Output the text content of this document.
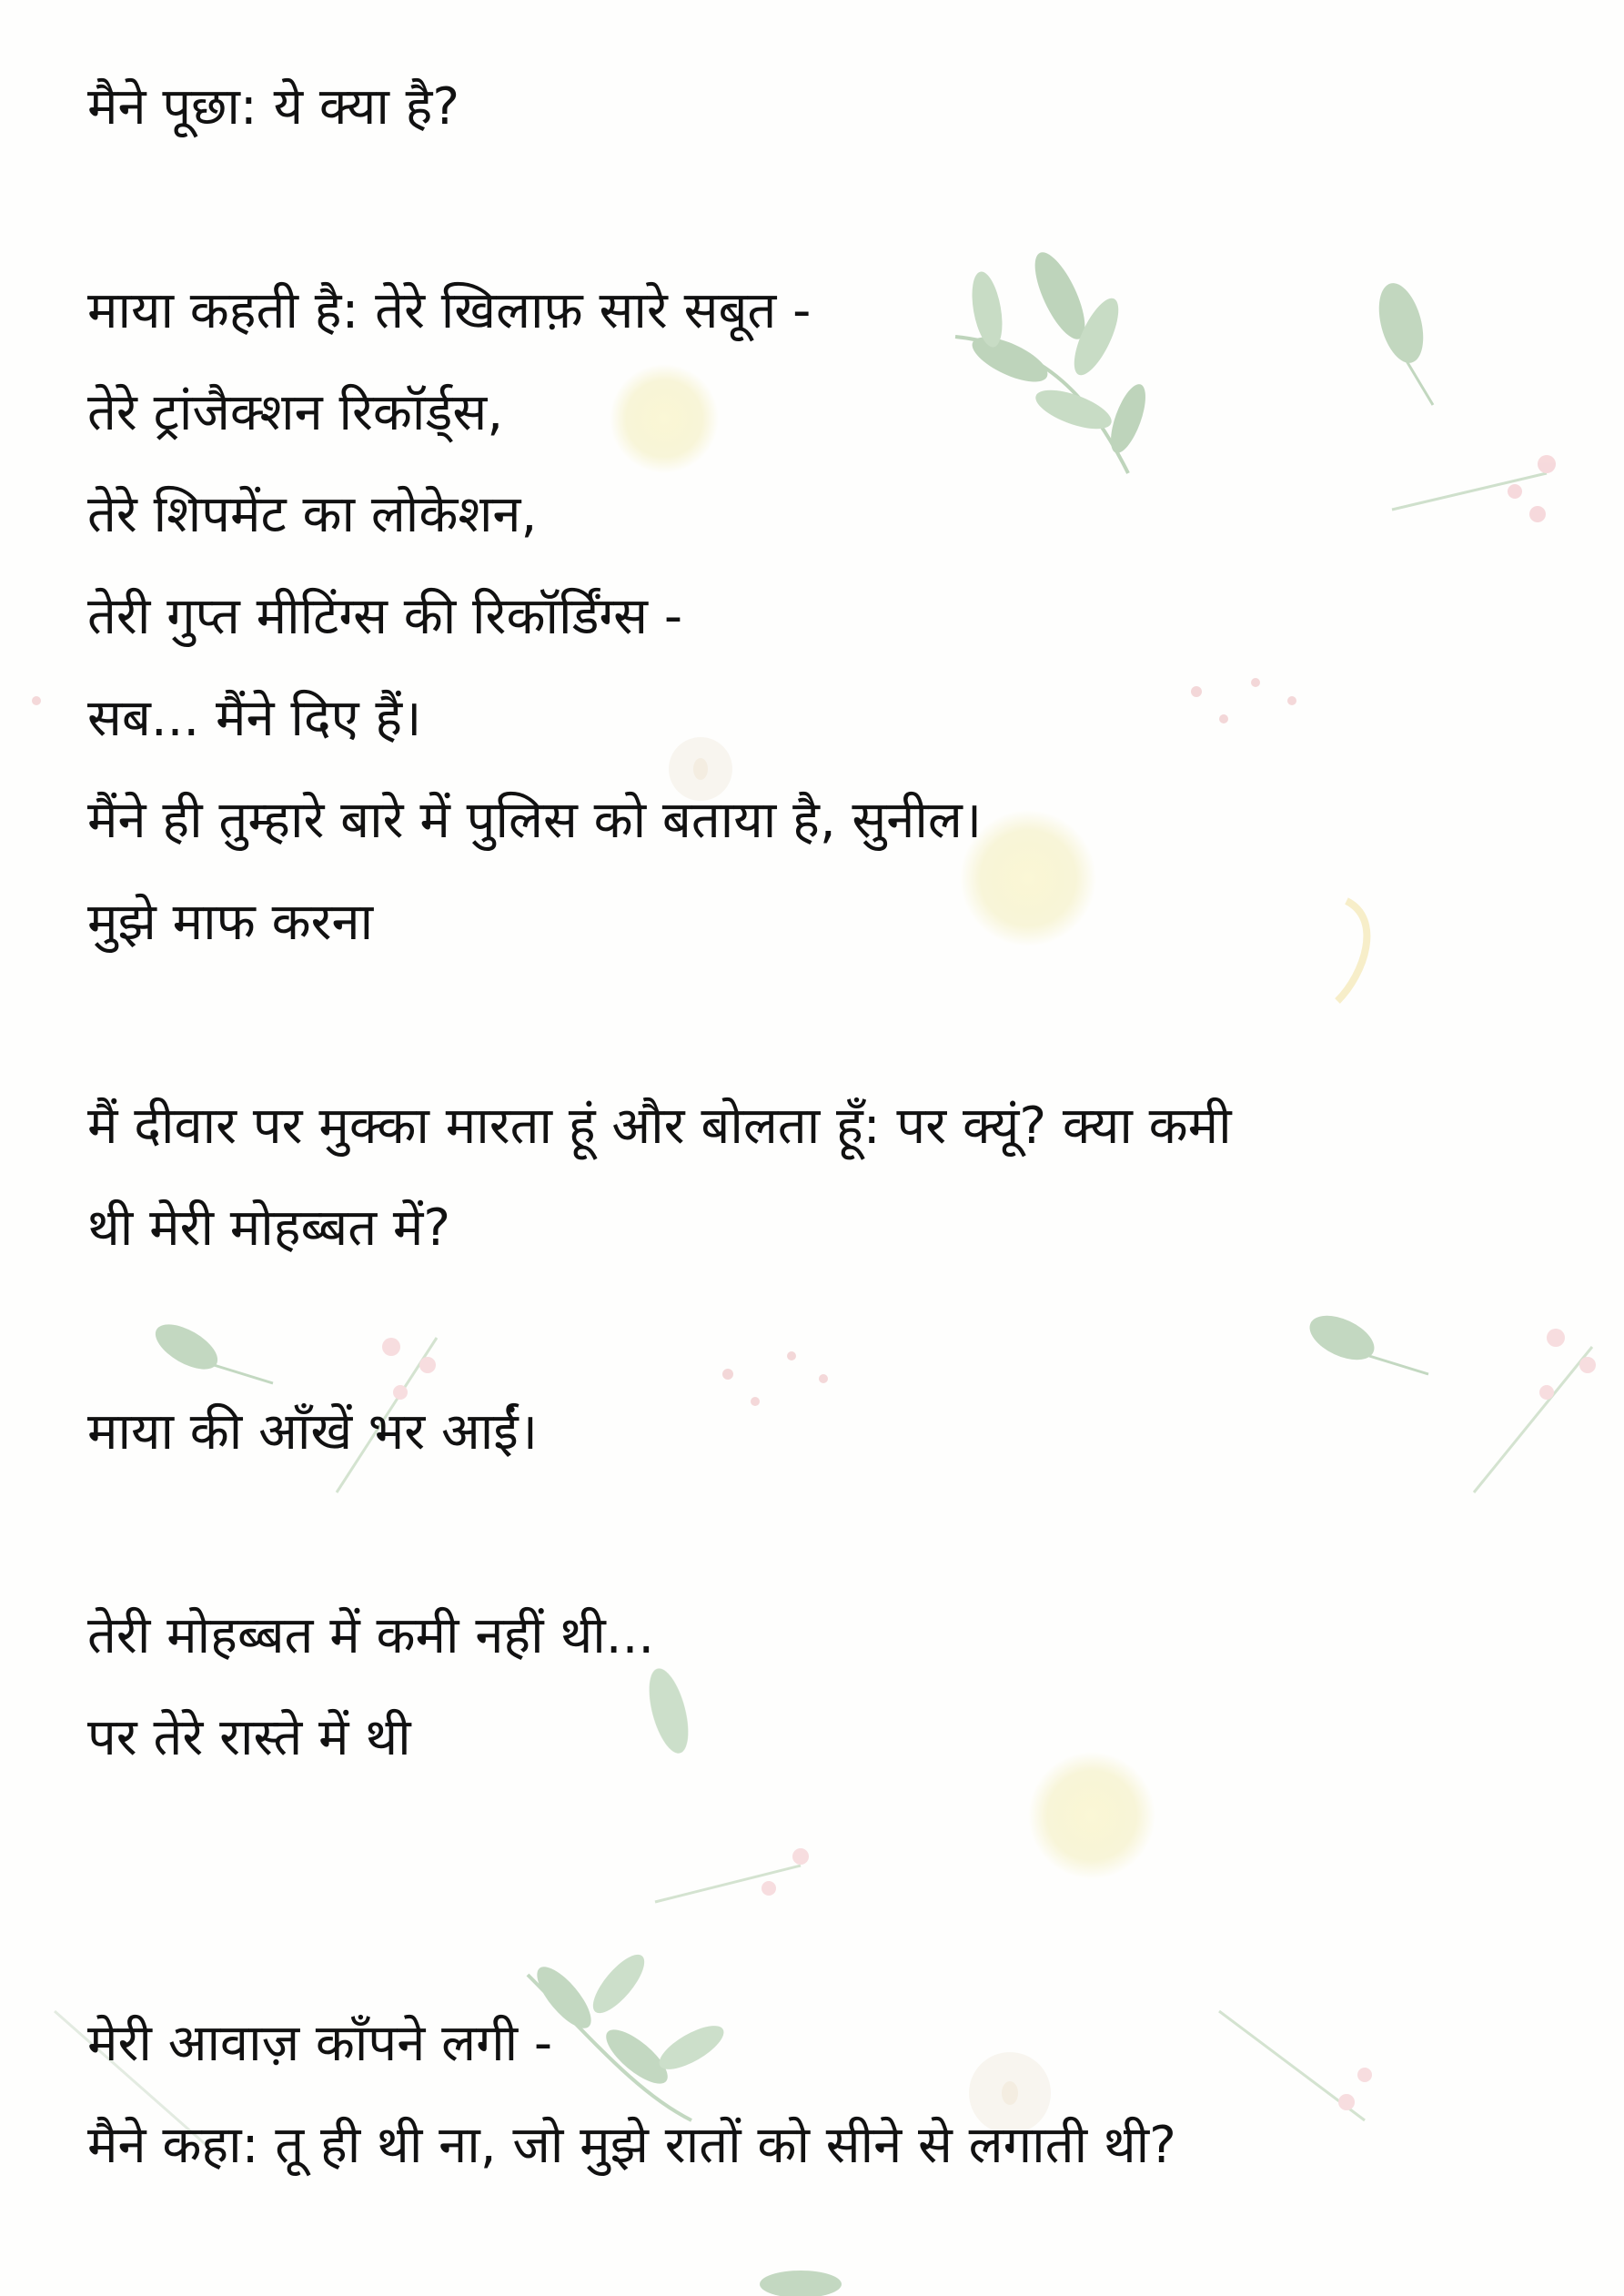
मैने पूछा: ये क्या है?
माया कहती है: तेरे खिलाफ़ सारे सबूत -
तेरे ट्रांजैक्शन रिकॉर्ड्स,
तेरे शिपमेंट का लोकेशन,
तेरी गुप्त मीटिंग्स की रिकॉर्डिंग्स -
सब... मैंने दिए हैं।
मैंने ही तुम्हारे बारे में पुलिस को बताया है, सुनील।
मुझे माफ करना
मैं दीवार पर मुक्का मारता हूं और बोलता हूँ: पर क्यूं? क्या कमी
थी मेरी मोहब्बत में?
माया की आँखें भर आईं।
तेरी मोहब्बत में कमी नहीं थी...
पर तेरे रास्ते में थी
मेरी आवाज़ काँपने लगी -
मैने कहा: तू ही थी ना, जो मुझे रातों को सीने से लगाती थी?
